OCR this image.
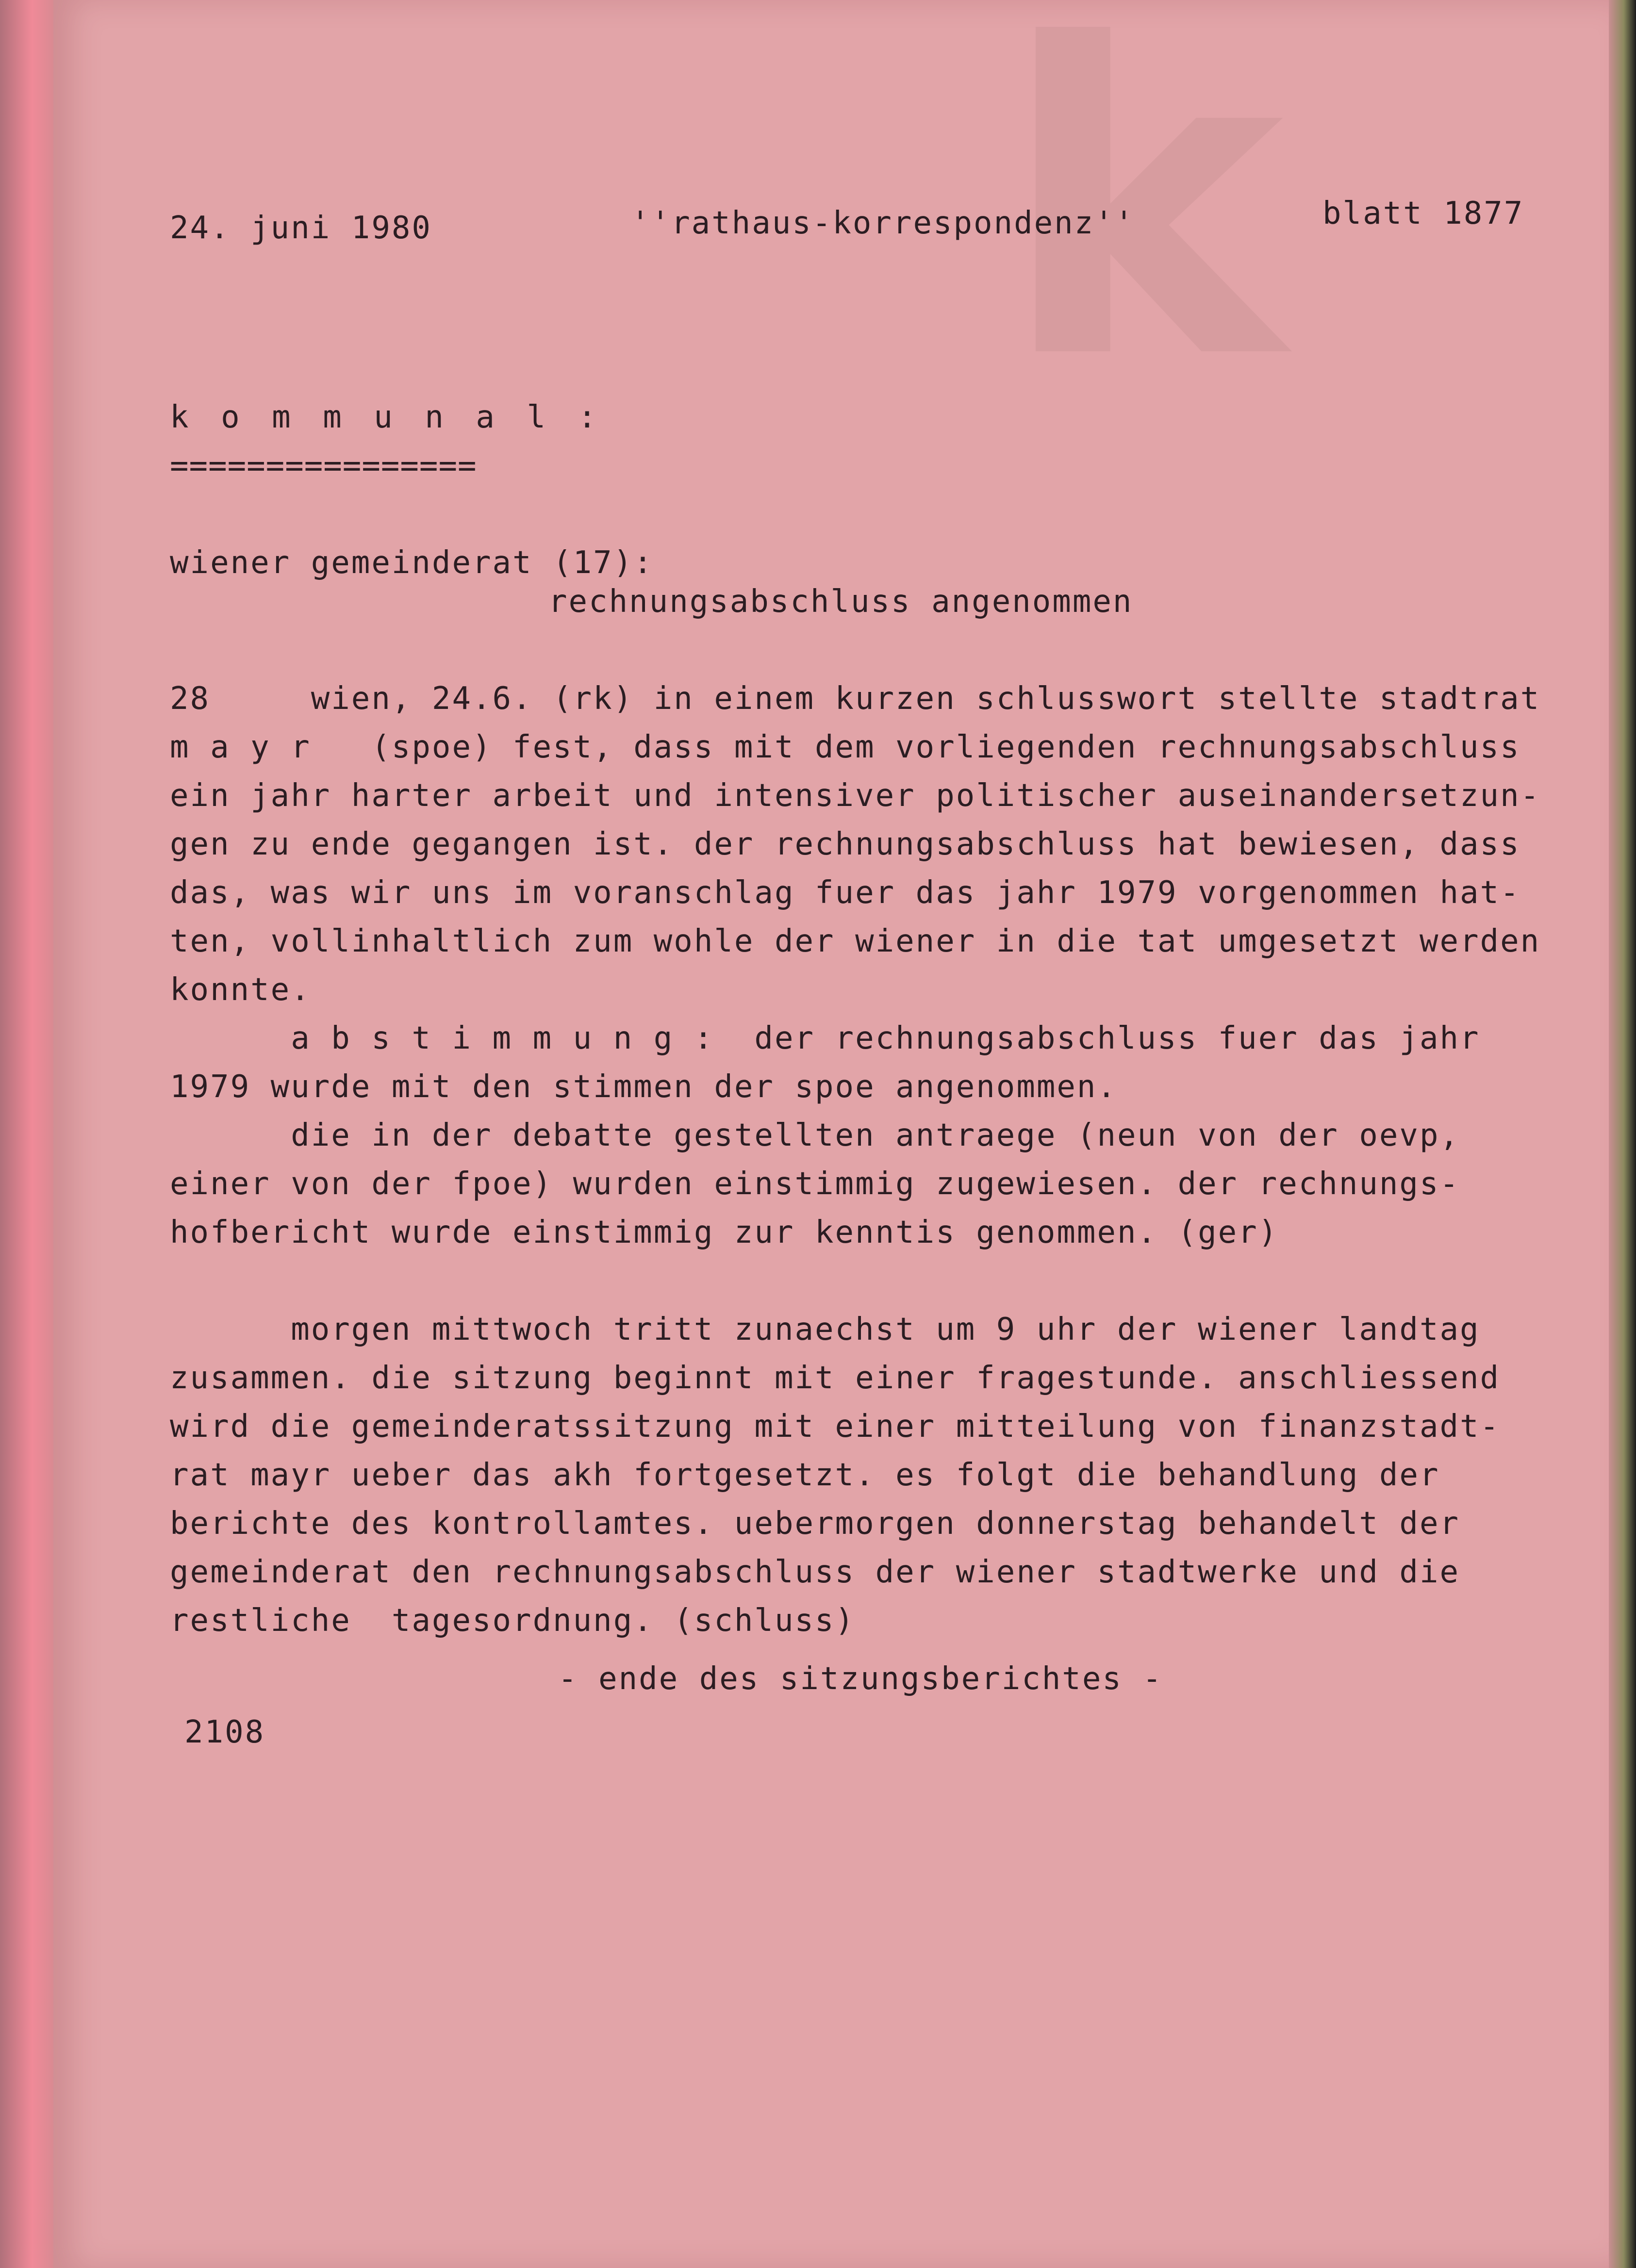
k
24. juni 1980	''rathaus-korrespondenz''	blatt 1877
k o m m u n a l :
================
wiener gemeinderat (17):
rechnungsabschluss angenommen
28     wien, 24.6. (rk) in einem kurzen schlusswort stellte stadtrat
m a y r   (spoe) fest, dass mit dem vorliegenden rechnungsabschluss
ein jahr harter arbeit und intensiver politischer auseinandersetzun-
gen zu ende gegangen ist. der rechnungsabschluss hat bewiesen, dass
das, was wir uns im voranschlag fuer das jahr 1979 vorgenommen hat-
ten, vollinhaltlich zum wohle der wiener in die tat umgesetzt werden
konnte.
a b s t i m m u n g :  der rechnungsabschluss fuer das jahr
1979 wurde mit den stimmen der spoe angenommen.
die in der debatte gestellten antraege (neun von der oevp,
einer von der fpoe) wurden einstimmig zugewiesen. der rechnungs-
hofbericht wurde einstimmig zur kenntis genommen. (ger)
morgen mittwoch tritt zunaechst um 9 uhr der wiener landtag
zusammen. die sitzung beginnt mit einer fragestunde. anschliessend
wird die gemeinderatssitzung mit einer mitteilung von finanzstadt-
rat mayr ueber das akh fortgesetzt. es folgt die behandlung der
berichte des kontrollamtes. uebermorgen donnerstag behandelt der
gemeinderat den rechnungsabschluss der wiener stadtwerke und die
restliche  tagesordnung. (schluss)
- ende des sitzungsberichtes -
2108
